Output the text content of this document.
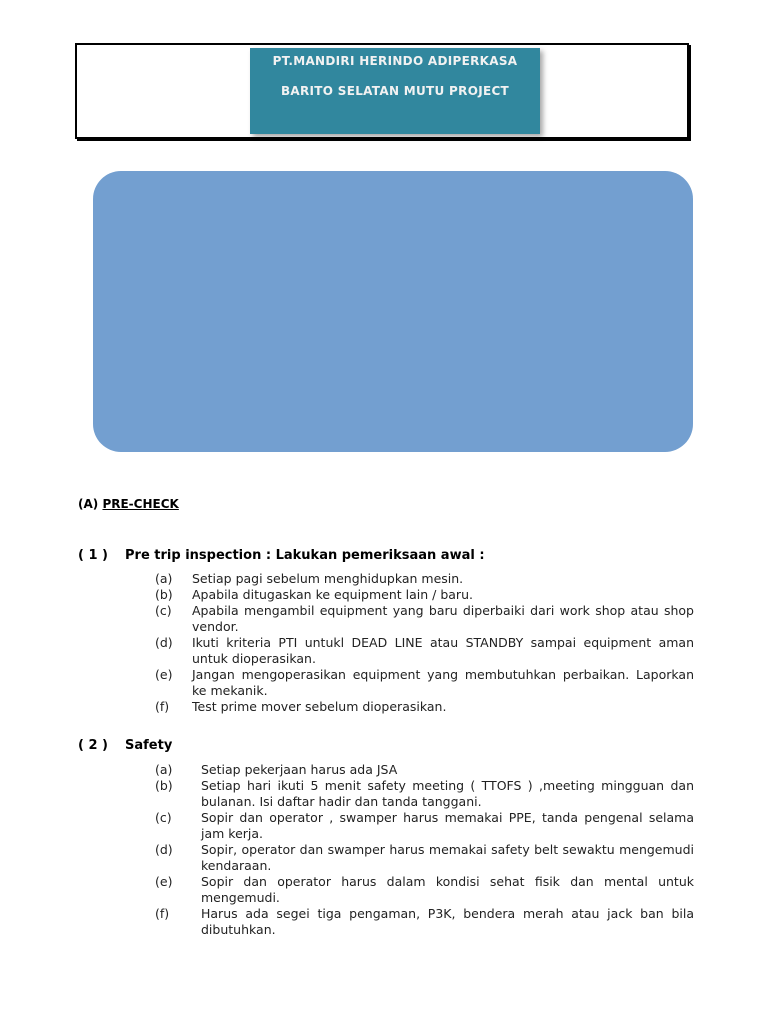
PT.MANDIRI HERINDO ADIPERKASA
BARITO SELATAN MUTU PROJECT
(A) PRE-CHECK
( 1 ) Pre trip inspection : Lakukan pemeriksaan awal :
(a)	Setiap pagi sebelum menghidupkan mesin.
(b)	Apabila ditugaskan ke equipment lain / baru.
(c)	Apabila mengambil equipment yang baru diperbaiki dari work shop atau shop vendor.
(d)	Ikuti kriteria PTI untukl DEAD LINE atau STANDBY sampai equipment aman untuk dioperasikan.
(e)	Jangan mengoperasikan equipment yang membutuhkan perbaikan. Laporkan ke mekanik.
(f)	Test prime mover sebelum dioperasikan.
( 2 ) Safety
(a)	Setiap pekerjaan harus ada JSA
(b)	Setiap hari ikuti 5 menit safety meeting ( TTOFS ) ,meeting mingguan dan bulanan. Isi daftar hadir dan tanda tanggani.
(c)	Sopir dan operator , swamper harus memakai PPE, tanda pengenal selama jam kerja.
(d)	Sopir, operator dan swamper harus memakai safety belt sewaktu mengemudi kendaraan.
(e)	Sopir dan operator harus dalam kondisi sehat fisik dan mental untuk mengemudi.
(f)	Harus ada segei tiga pengaman, P3K, bendera merah atau jack ban bila dibutuhkan.
